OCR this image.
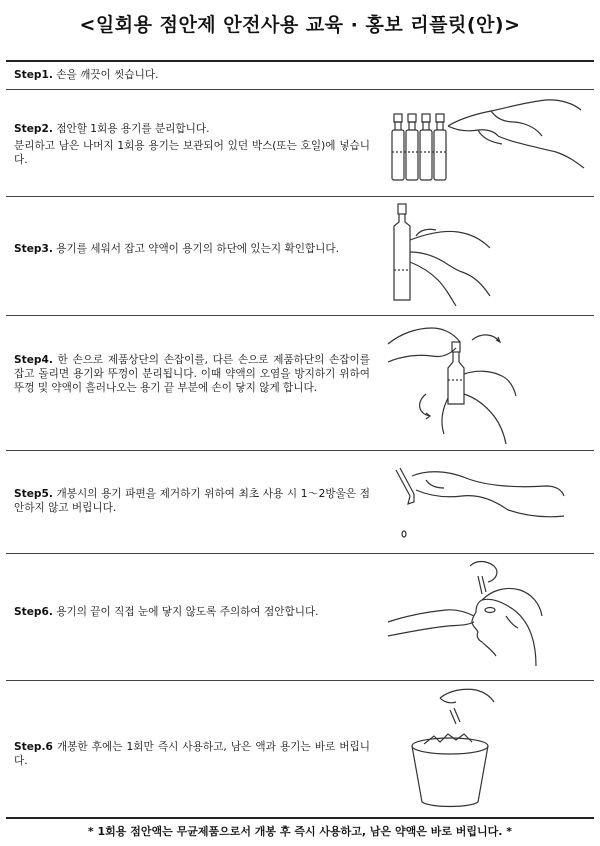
<일회용 점안제 안전사용 교육 · 홍보 리플릿(안)>
Step1. 손을 깨끗이 씻습니다.
Step2. 점안할 1회용 용기를 분리합니다.
분리하고 남은 나머지 1회용 용기는 보관되어 있던 박스(또는 호일)에 넣습니다.
Step3. 용기를 세워서 잡고 약액이 용기의 하단에 있는지 확인합니다.
Step4. 한 손으로 제품상단의 손잡이를, 다른 손으로 제품하단의 손잡이를 잡고 돌리면 용기와 뚜껑이 분리됩니다. 이때 약액의 오염을 방지하기 위하여 뚜껑 및 약액이 흘러나오는 용기 끝 부분에 손이 닿지 않게 합니다.
Step5. 개봉시의 용기 파편을 제거하기 위하여 최초 사용 시 1～2방울은 점안하지 않고 버립니다.
Step6. 용기의 끝이 직접 눈에 닿지 않도록 주의하여 점안합니다.
Step.6 개봉한 후에는 1회만 즉시 사용하고, 남은 액과 용기는 바로 버립니다.
* 1회용 점안액는 무균제품으로서 개봉 후 즉시 사용하고, 남은 약액은 바로 버립니다. *
